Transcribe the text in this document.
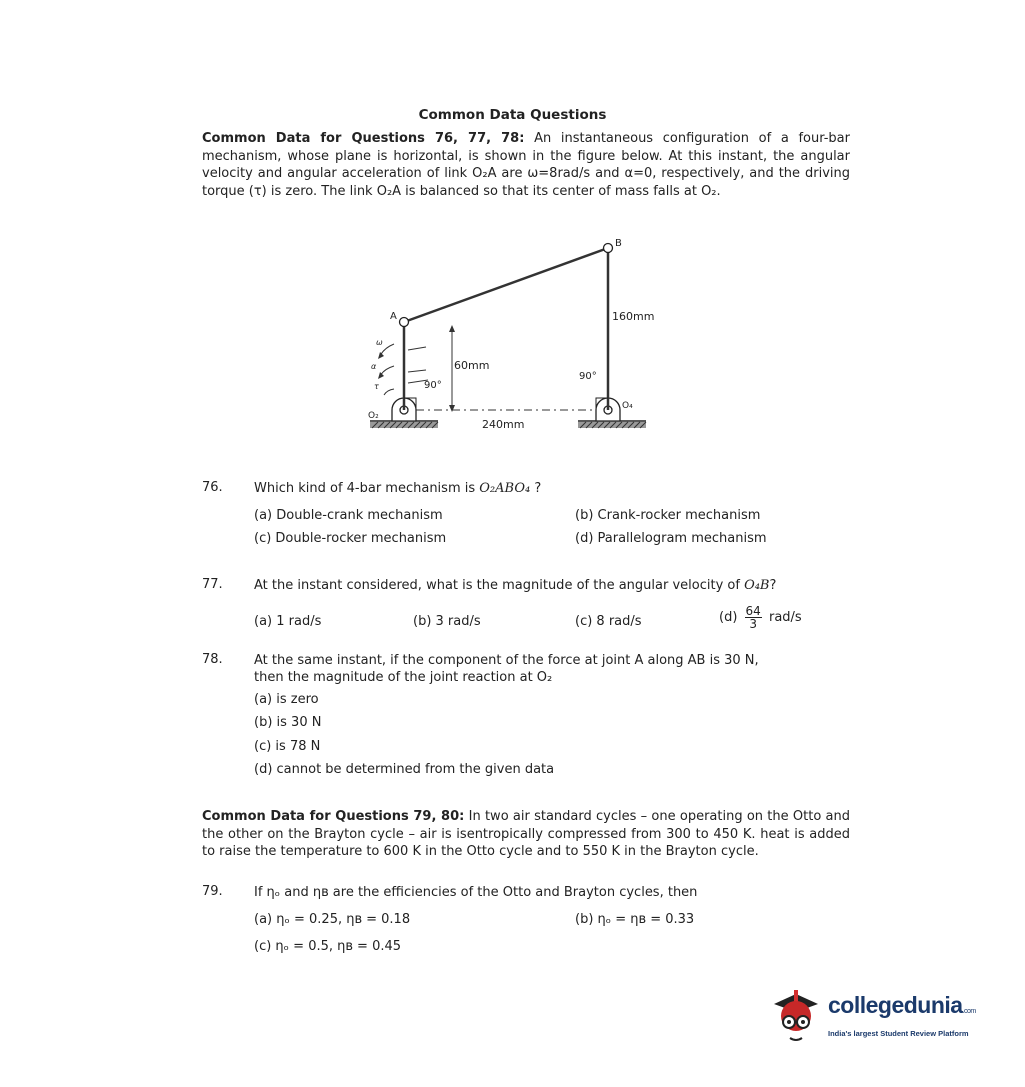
Common Data Questions
Common Data for Questions 76, 77, 78: An instantaneous configuration of a four-bar mechanism, whose plane is horizontal, is shown in the figure below. At this instant, the angular velocity and angular acceleration of link O₂A are ω=8rad/s and α=0, respectively, and the driving torque (τ) is zero. The link O₂A is balanced so that its center of mass falls at O₂.
A
B
O₂
O₄
ω
α
τ
60mm
160mm
240mm
90°
90°
76. Which kind of 4-bar mechanism is O₂ABO₄ ?
(a) Double-crank mechanism	(b) Crank-rocker mechanism
(c) Double-rocker mechanism	(d) Parallelogram mechanism
77. At the instant considered, what is the magnitude of the angular velocity of O₄B?
(a) 1 rad/s	(b) 3 rad/s	(c) 8 rad/s	$(d) \frac{64}{3} rad/s$
78. At the same instant, if the component of the force at joint A along AB is 30 N,
then the magnitude of the joint reaction at O₂
(a) is zero
(b) is 30 N
(c) is 78 N
(d) cannot be determined from the given data
Common Data for Questions 79, 80: In two air standard cycles – one operating on the Otto and the other on the Brayton cycle – air is isentropically compressed from 300 to 450 K. heat is added to raise the temperature to 600 K in the Otto cycle and to 550 K in the Brayton cycle.
79. If ηₒ and ηʙ are the efficiencies of the Otto and Brayton cycles, then
(a) ηₒ = 0.25, ηʙ = 0.18	(b) ηₒ = ηʙ = 0.33
(c) ηₒ = 0.5, ηʙ = 0.45
collegedunia.com
India's largest Student Review Platform
